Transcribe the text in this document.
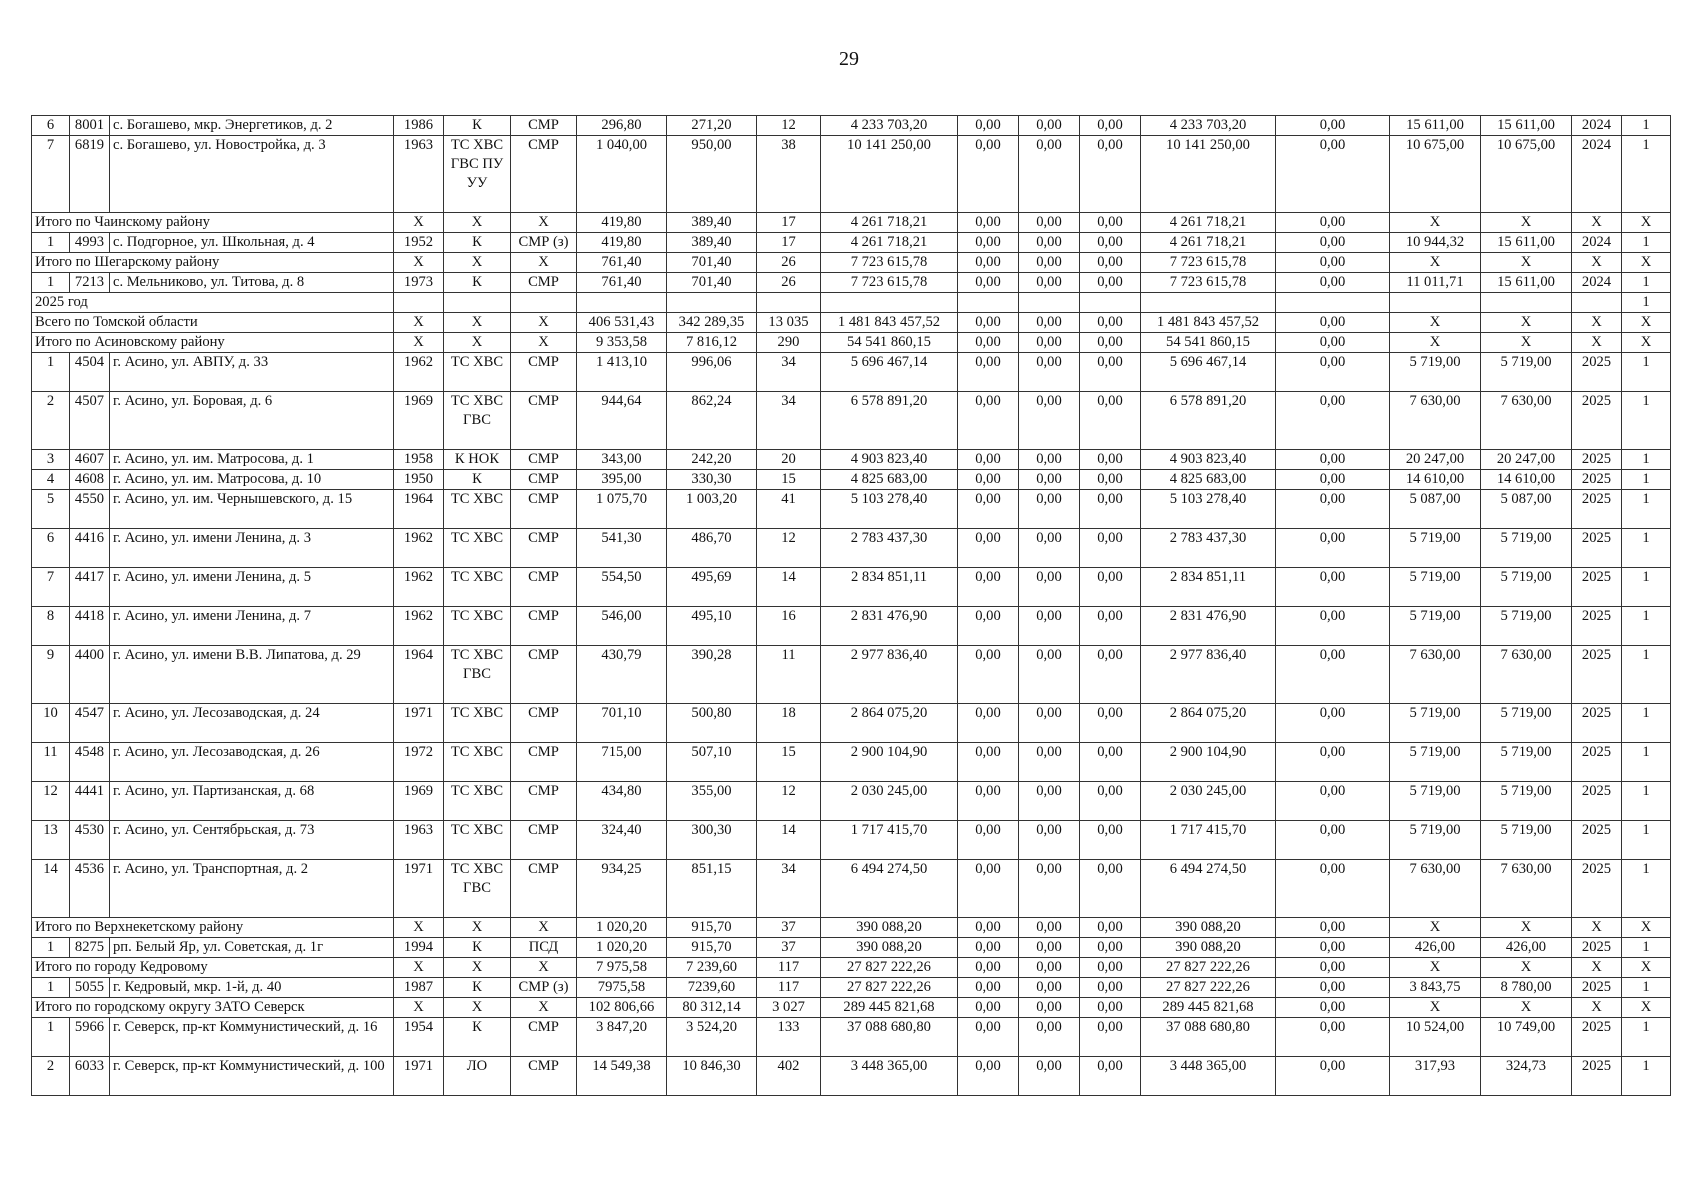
29
6	8001	с. Богашево, мкр. Энергетиков, д. 2	1986	К	СМР	296,80	271,20	12	4 233 703,20	0,00	0,00	0,00	4 233 703,20	0,00	15 611,00	15 611,00	2024	1
7	6819	с. Богашево, ул. Новостройка, д. 3	1963	ТС ХВС ГВС ПУ УУ	СМР	1 040,00	950,00	38	10 141 250,00	0,00	0,00	0,00	10 141 250,00	0,00	10 675,00	10 675,00	2024	1
Итого по Чаинскому району			X	X	X	419,80	389,40	17	4 261 718,21	0,00	0,00	0,00	4 261 718,21	0,00	X	X	X	X
1	4993	с. Подгорное, ул. Школьная, д. 4	1952	К	СМР (з)	419,80	389,40	17	4 261 718,21	0,00	0,00	0,00	4 261 718,21	0,00	10 944,32	15 611,00	2024	1
Итого по Шегарскому району			X	X	X	761,40	701,40	26	7 723 615,78	0,00	0,00	0,00	7 723 615,78	0,00	X	X	X	X
1	7213	с. Мельниково, ул. Титова, д. 8	1973	К	СМР	761,40	701,40	26	7 723 615,78	0,00	0,00	0,00	7 723 615,78	0,00	11 011,71	15 611,00	2024	1
2025 год																		1
Всего по Томской области			X	X	X	406 531,43	342 289,35	13 035	1 481 843 457,52	0,00	0,00	0,00	1 481 843 457,52	0,00	X	X	X	X
Итого по Асиновскому району			X	X	X	9 353,58	7 816,12	290	54 541 860,15	0,00	0,00	0,00	54 541 860,15	0,00	X	X	X	X
1	4504	г. Асино, ул. АВПУ, д. 33	1962	ТС ХВС	СМР	1 413,10	996,06	34	5 696 467,14	0,00	0,00	0,00	5 696 467,14	0,00	5 719,00	5 719,00	2025	1
2	4507	г. Асино, ул. Боровая, д. 6	1969	ТС ХВС ГВС	СМР	944,64	862,24	34	6 578 891,20	0,00	0,00	0,00	6 578 891,20	0,00	7 630,00	7 630,00	2025	1
3	4607	г. Асино, ул. им. Матросова, д. 1	1958	К НОК	СМР	343,00	242,20	20	4 903 823,40	0,00	0,00	0,00	4 903 823,40	0,00	20 247,00	20 247,00	2025	1
4	4608	г. Асино, ул. им. Матросова, д. 10	1950	К	СМР	395,00	330,30	15	4 825 683,00	0,00	0,00	0,00	4 825 683,00	0,00	14 610,00	14 610,00	2025	1
5	4550	г. Асино, ул. им. Чернышевского, д. 15	1964	ТС ХВС	СМР	1 075,70	1 003,20	41	5 103 278,40	0,00	0,00	0,00	5 103 278,40	0,00	5 087,00	5 087,00	2025	1
6	4416	г. Асино, ул. имени Ленина, д. 3	1962	ТС ХВС	СМР	541,30	486,70	12	2 783 437,30	0,00	0,00	0,00	2 783 437,30	0,00	5 719,00	5 719,00	2025	1
7	4417	г. Асино, ул. имени Ленина, д. 5	1962	ТС ХВС	СМР	554,50	495,69	14	2 834 851,11	0,00	0,00	0,00	2 834 851,11	0,00	5 719,00	5 719,00	2025	1
8	4418	г. Асино, ул. имени Ленина, д. 7	1962	ТС ХВС	СМР	546,00	495,10	16	2 831 476,90	0,00	0,00	0,00	2 831 476,90	0,00	5 719,00	5 719,00	2025	1
9	4400	г. Асино, ул. имени В.В. Липатова, д. 29	1964	ТС ХВС ГВС	СМР	430,79	390,28	11	2 977 836,40	0,00	0,00	0,00	2 977 836,40	0,00	7 630,00	7 630,00	2025	1
10	4547	г. Асино, ул. Лесозаводская, д. 24	1971	ТС ХВС	СМР	701,10	500,80	18	2 864 075,20	0,00	0,00	0,00	2 864 075,20	0,00	5 719,00	5 719,00	2025	1
11	4548	г. Асино, ул. Лесозаводская, д. 26	1972	ТС ХВС	СМР	715,00	507,10	15	2 900 104,90	0,00	0,00	0,00	2 900 104,90	0,00	5 719,00	5 719,00	2025	1
12	4441	г. Асино, ул. Партизанская, д. 68	1969	ТС ХВС	СМР	434,80	355,00	12	2 030 245,00	0,00	0,00	0,00	2 030 245,00	0,00	5 719,00	5 719,00	2025	1
13	4530	г. Асино, ул. Сентябрьская, д. 73	1963	ТС ХВС	СМР	324,40	300,30	14	1 717 415,70	0,00	0,00	0,00	1 717 415,70	0,00	5 719,00	5 719,00	2025	1
14	4536	г. Асино, ул. Транспортная, д. 2	1971	ТС ХВС ГВС	СМР	934,25	851,15	34	6 494 274,50	0,00	0,00	0,00	6 494 274,50	0,00	7 630,00	7 630,00	2025	1
Итого по Верхнекетскому району			X	X	X	1 020,20	915,70	37	390 088,20	0,00	0,00	0,00	390 088,20	0,00	X	X	X	X
1	8275	рп. Белый Яр, ул. Советская, д. 1г	1994	К	ПСД	1 020,20	915,70	37	390 088,20	0,00	0,00	0,00	390 088,20	0,00	426,00	426,00	2025	1
Итого по городу Кедровому			X	X	X	7 975,58	7 239,60	117	27 827 222,26	0,00	0,00	0,00	27 827 222,26	0,00	X	X	X	X
1	5055	г. Кедровый, мкр. 1-й, д. 40	1987	К	СМР (з)	7975,58	7239,60	117	27 827 222,26	0,00	0,00	0,00	27 827 222,26	0,00	3 843,75	8 780,00	2025	1
Итого по городскому округу ЗАТО Северск			X	X	X	102 806,66	80 312,14	3 027	289 445 821,68	0,00	0,00	0,00	289 445 821,68	0,00	X	X	X	X
1	5966	г. Северск, пр-кт Коммунистический, д. 16	1954	К	СМР	3 847,20	3 524,20	133	37 088 680,80	0,00	0,00	0,00	37 088 680,80	0,00	10 524,00	10 749,00	2025	1
2	6033	г. Северск, пр-кт Коммунистический, д. 100	1971	ЛО	СМР	14 549,38	10 846,30	402	3 448 365,00	0,00	0,00	0,00	3 448 365,00	0,00	317,93	324,73	2025	1
